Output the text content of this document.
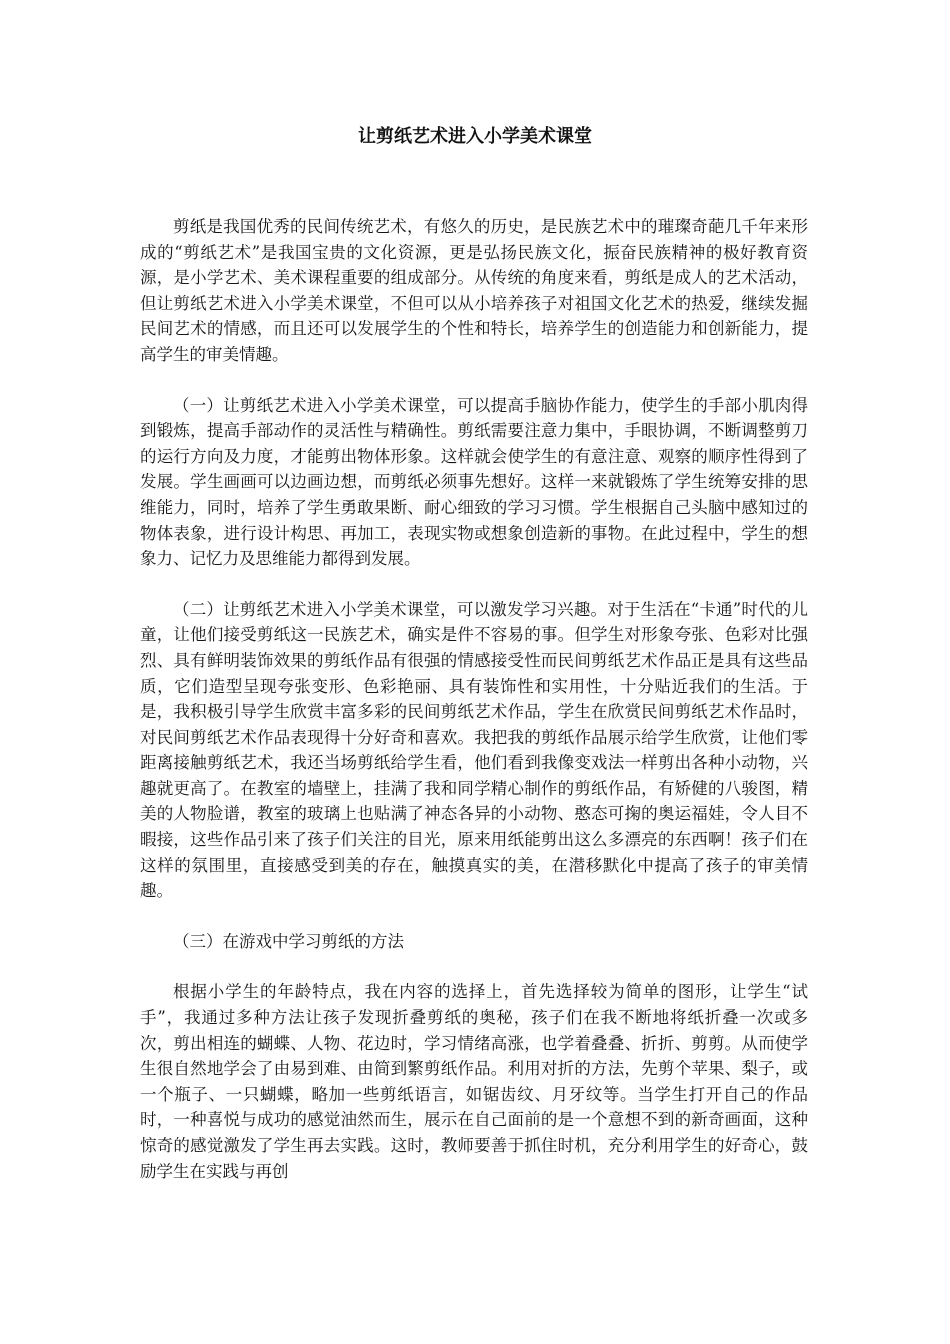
让剪纸艺术进入小学美术课堂

剪纸是我国优秀的民间传统艺术，有悠久的历史，是民族艺术中的璀璨奇葩几千年来形成的“剪纸艺术”是我国宝贵的文化资源，更是弘扬民族文化，振奋民族精神的极好教育资源，是小学艺术、美术课程重要的组成部分。从传统的角度来看，剪纸是成人的艺术活动，但让剪纸艺术进入小学美术课堂，不但可以从小培养孩子对祖国文化艺术的热爱，继续发掘民间艺术的情感，而且还可以发展学生的个性和特长，培养学生的创造能力和创新能力，提高学生的审美情趣。

（一）让剪纸艺术进入小学美术课堂，可以提高手脑协作能力，使学生的手部小肌肉得到锻炼，提高手部动作的灵活性与精确性。剪纸需要注意力集中，手眼协调，不断调整剪刀的运行方向及力度，才能剪出物体形象。这样就会使学生的有意注意、观察的顺序性得到了发展。学生画画可以边画边想，而剪纸必须事先想好。这样一来就锻炼了学生统筹安排的思维能力，同时，培养了学生勇敢果断、耐心细致的学习习惯。学生根据自己头脑中感知过的物体表象，进行设计构思、再加工，表现实物或想象创造新的事物。在此过程中，学生的想象力、记忆力及思维能力都得到发展。

（二）让剪纸艺术进入小学美术课堂，可以激发学习兴趣。对于生活在“卡通”时代的儿童，让他们接受剪纸这一民族艺术，确实是件不容易的事。但学生对形象夸张、色彩对比强烈、具有鲜明装饰效果的剪纸作品有很强的情感接受性而民间剪纸艺术作品正是具有这些品质，它们造型呈现夸张变形、色彩艳丽、具有装饰性和实用性，十分贴近我们的生活。于是，我积极引导学生欣赏丰富多彩的民间剪纸艺术作品，学生在欣赏民间剪纸艺术作品时，对民间剪纸艺术作品表现得十分好奇和喜欢。我把我的剪纸作品展示给学生欣赏，让他们零距离接触剪纸艺术，我还当场剪纸给学生看，他们看到我像变戏法一样剪出各种小动物，兴趣就更高了。在教室的墙壁上，挂满了我和同学精心制作的剪纸作品，有矫健的八骏图，精美的人物脸谱，教室的玻璃上也贴满了神态各异的小动物、憨态可掬的奥运福娃，令人目不暇接，这些作品引来了孩子们关注的目光，原来用纸能剪出这么多漂亮的东西啊！孩子们在这样的氛围里，直接感受到美的存在，触摸真实的美，在潜移默化中提高了孩子的审美情趣。

（三）在游戏中学习剪纸的方法

根据小学生的年龄特点，我在内容的选择上，首先选择较为简单的图形，让学生“试手”，我通过多种方法让孩子发现折叠剪纸的奥秘，孩子们在我不断地将纸折叠一次或多次，剪出相连的蝴蝶、人物、花边时，学习情绪高涨，也学着叠叠、折折、剪剪。从而使学生很自然地学会了由易到难、由简到繁剪纸作品。利用对折的方法，先剪个苹果、梨子，或一个瓶子、一只蝴蝶，略加一些剪纸语言，如锯齿纹、月牙纹等。当学生打开自己的作品时，一种喜悦与成功的感觉油然而生，展示在自己面前的是一个意想不到的新奇画面，这种惊奇的感觉激发了学生再去实践。这时，教师要善于抓住时机，充分利用学生的好奇心，鼓励学生在实践与再创
